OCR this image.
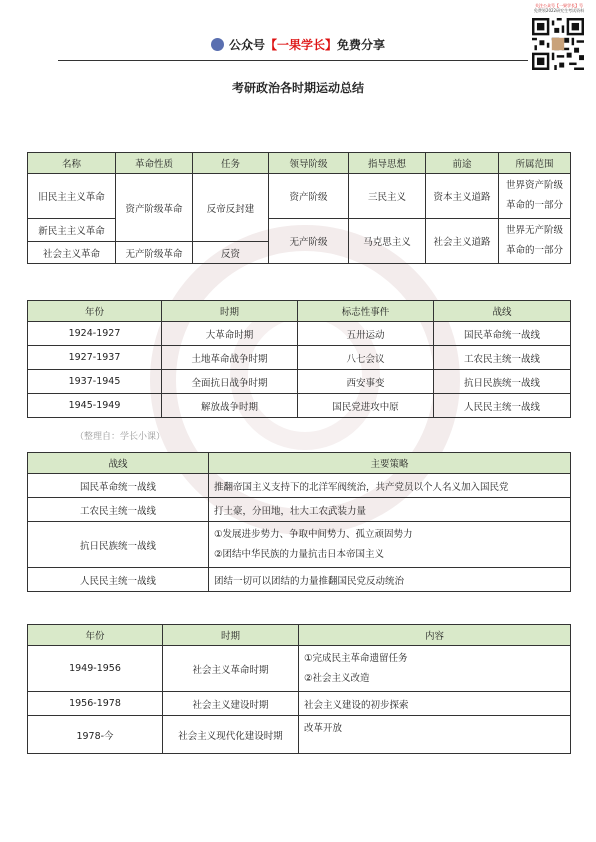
关注公众号【一果学长】号
免费领2022研究生考试资料
公众号【一果学长】免费分享
考研政治各时期运动总结
名称	革命性质	任务	领导阶级	指导思想	前途	所属范围
旧民主主义革命	资产阶级革命	反帝反封建	资产阶级	三民主义	资本主义道路	世界资产阶级
革命的一部分

新民主主义革命			无产阶级	马克思主义	社会主义道路	世界无产阶级
革命的一部分

社会主义革命	无产阶级革命	反资				
年份	时期	标志性事件	战线
1924-1927	大革命时期	五卅运动	国民革命统一战线
1927-1937	土地革命战争时期	八七会议	工农民主统一战线
1937-1945	全面抗日战争时期	西安事变	抗日民族统一战线
1945-1949	解放战争时期	国民党进攻中原	人民民主统一战线
（整理自：学长小课）
战线	主要策略
国民革命统一战线	推翻帝国主义支持下的北洋军阀统治，共产党员以个人名义加入国民党
工农民主统一战线	打土豪，分田地，壮大工农武装力量
抗日民族统一战线	①发展进步势力、争取中间势力、孤立顽固势力
②团结中华民族的力量抗击日本帝国主义

人民民主统一战线	团结一切可以团结的力量推翻国民党反动统治
年份	时期	内容
1949-1956	社会主义革命时期	①完成民主革命遗留任务
②社会主义改造

1956-1978	社会主义建设时期	社会主义建设的初步探索
1978-今	社会主义现代化建设时期	改革开放
